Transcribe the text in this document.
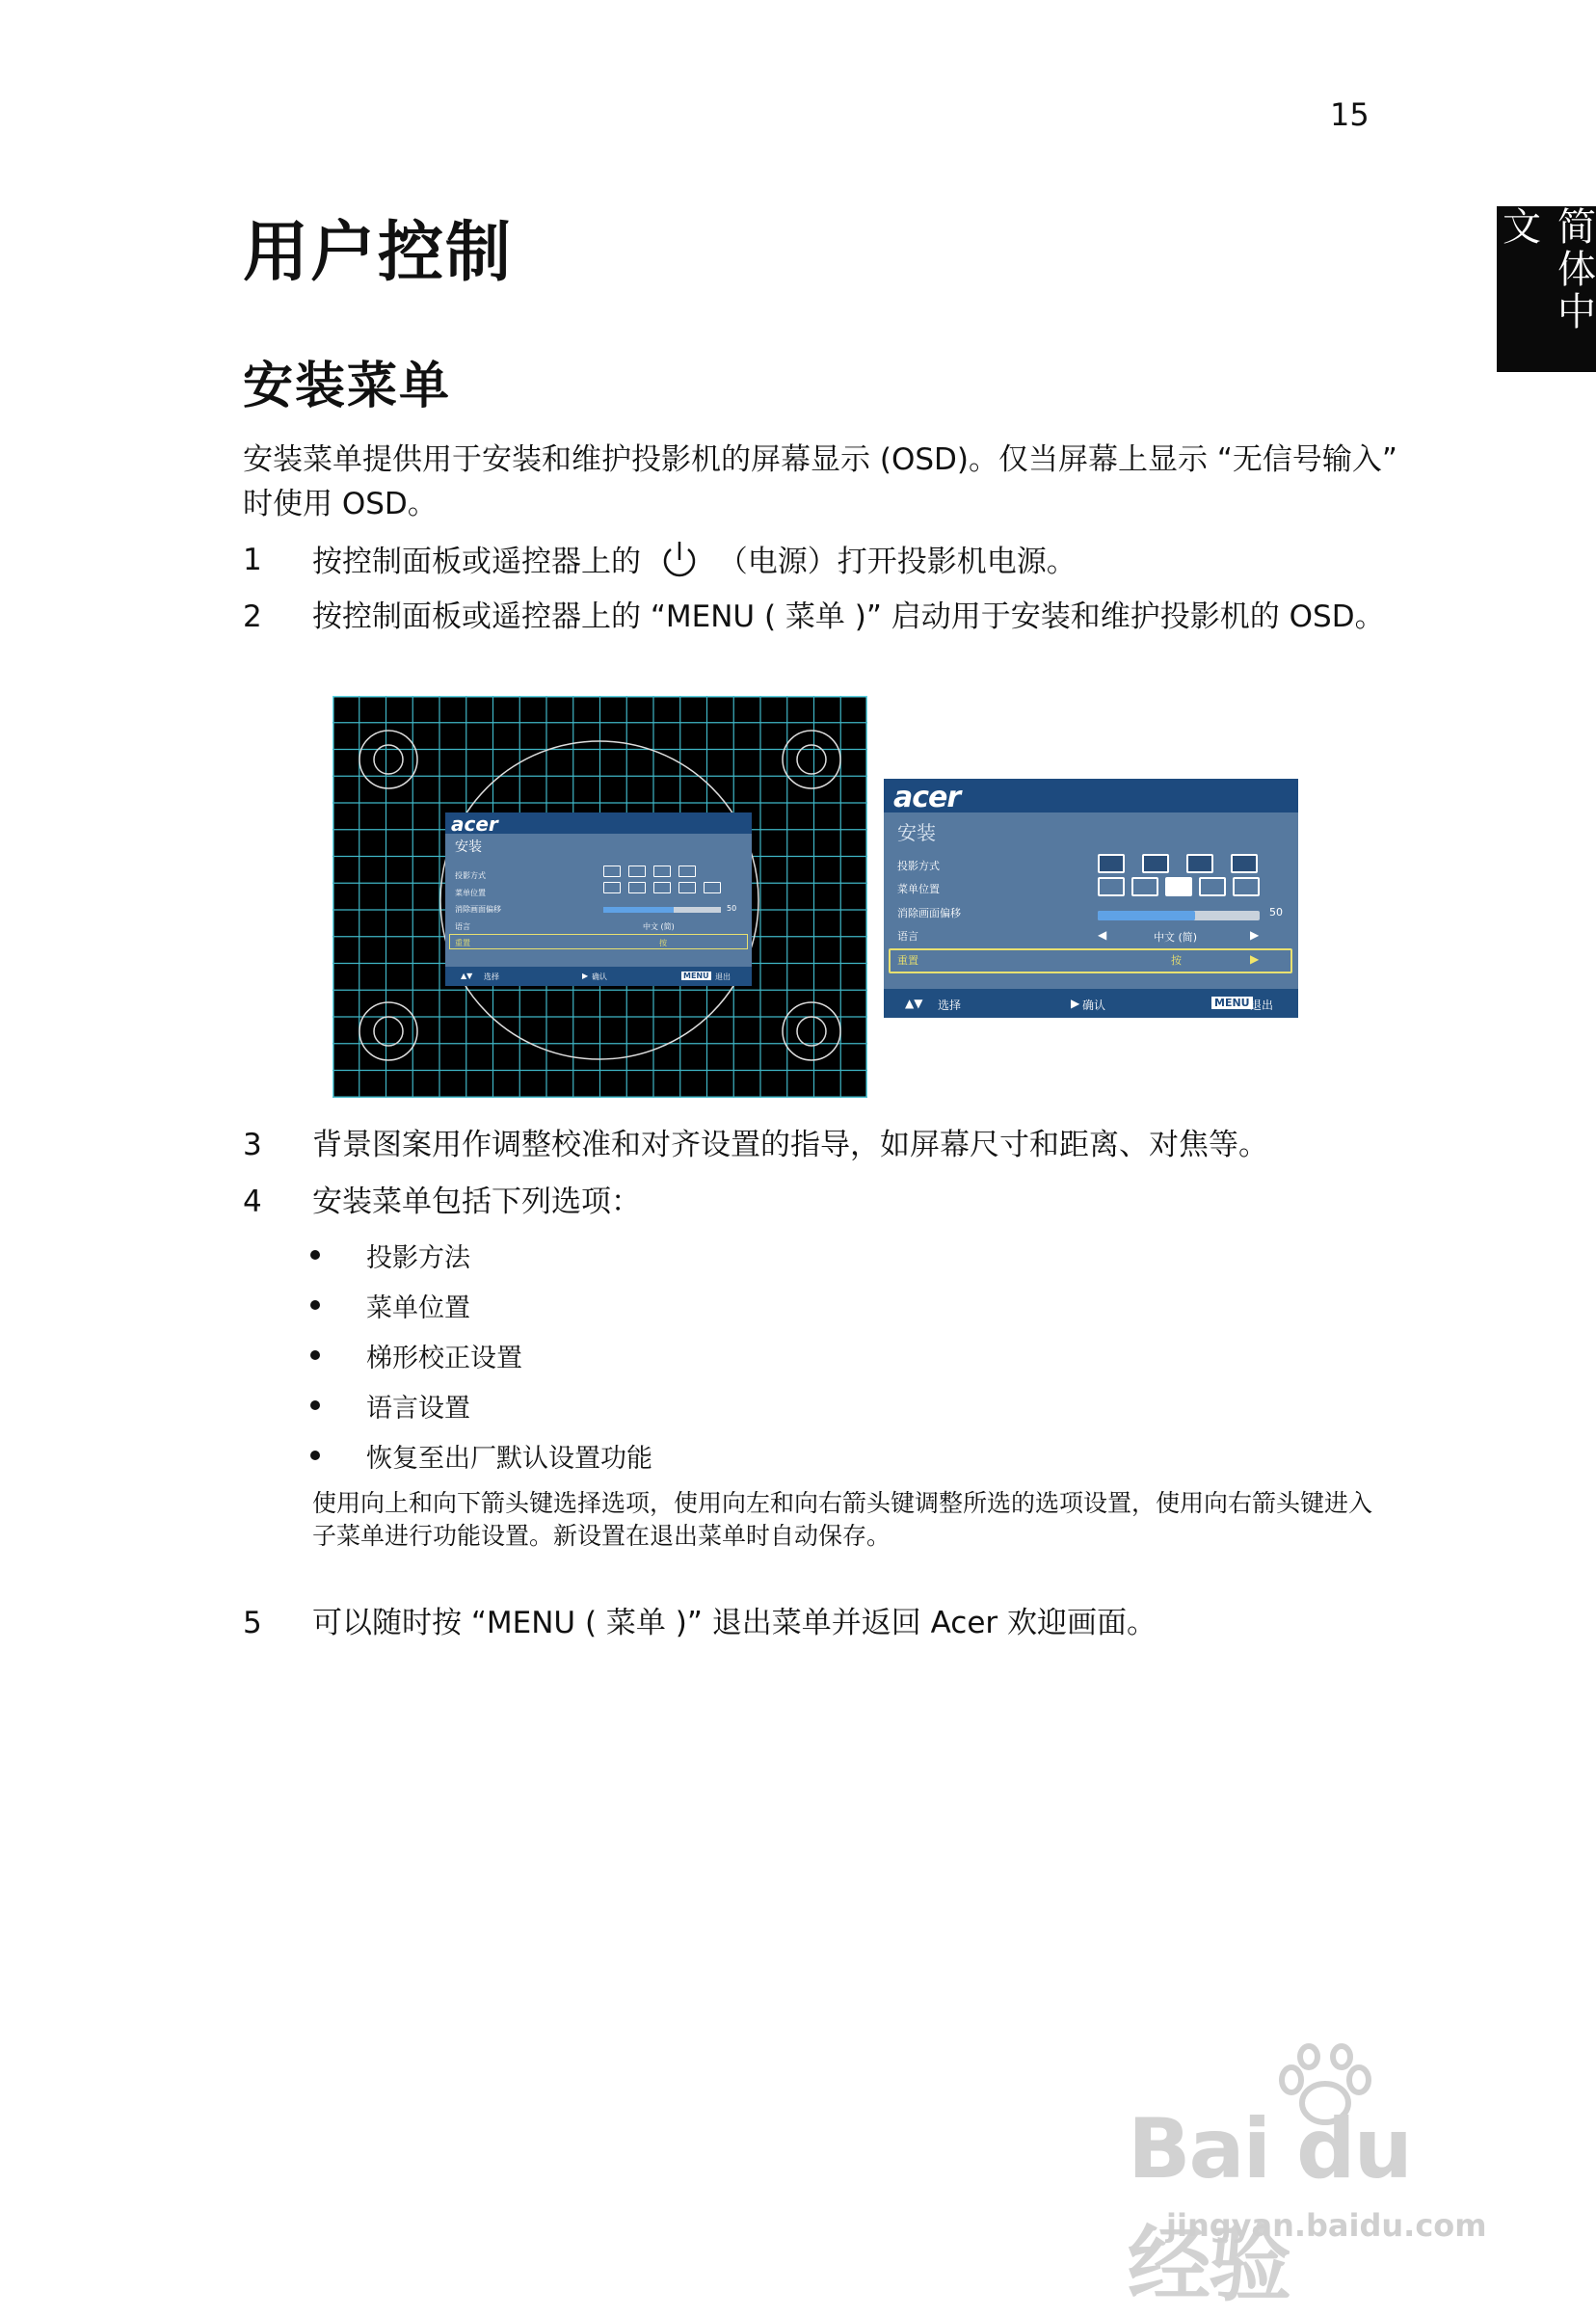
15
简体中文
用户控制
安装菜单
安装菜单提供用于安装和维护投影机的屏幕显示 (OSD)。仅当屏幕上显示 “无信号输入” 时使用 OSD。
1 按控制面板或遥控器上的	（电源）打开投影机电源。
2 按控制面板或遥控器上的 “MENU ( 菜单 )” 启动用于安装和维护投影机的 OSD。
acer
安装
投影方式
菜单位置
消除画面偏移
语言
重置
50
中文 (简)
按
▲▼ 选择	▶ 确认	MENU 退出
acer
安装
投影方式
菜单位置
消除画面偏移
语言
重置
50
◀	中文 (简)	▶
按	▶
▲▼ 选择	▶ 确认	MENU 退出
3 背景图案用作调整校准和对齐设置的指导，如屏幕尺寸和距离、对焦等。
4 安装菜单包括下列选项：
投影方法
菜单位置
梯形校正设置
语言设置
恢复至出厂默认设置功能
使用向上和向下箭头键选择选项，使用向左和向右箭头键调整所选的选项设置，使用向右箭头键进入子菜单进行功能设置。新设置在退出菜单时自动保存。
5 可以随时按 “MENU ( 菜单 )” 退出菜单并返回 Acer 欢迎画面。
Bai du 经验
jingyan.baidu.com
